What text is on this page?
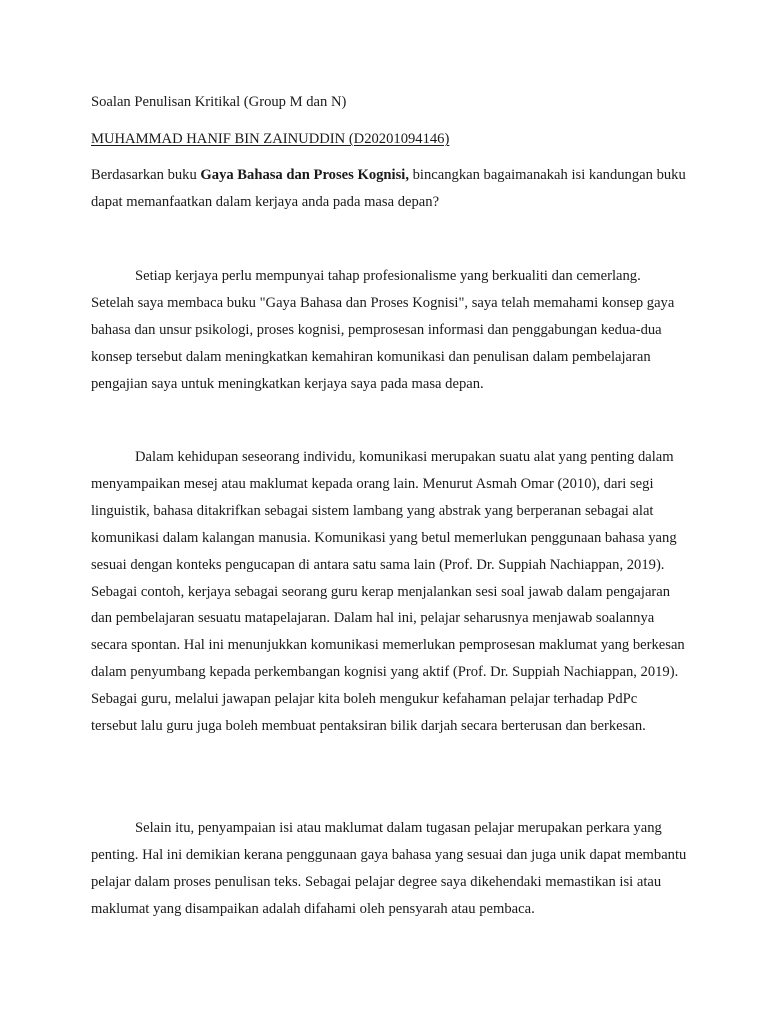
Soalan Penulisan Kritikal (Group M dan N)
MUHAMMAD HANIF BIN ZAINUDDIN (D20201094146)

Berdasarkan buku Gaya Bahasa dan Proses Kognisi, bincangkan bagaimanakah isi kandungan buku dapat memanfaatkan dalam kerjaya anda pada masa depan?

Setiap kerjaya perlu mempunyai tahap profesionalisme yang berkualiti dan cemerlang. Setelah saya membaca buku "Gaya Bahasa dan Proses Kognisi", saya telah memahami konsep gaya bahasa dan unsur psikologi, proses kognisi, pemprosesan informasi dan penggabungan kedua-dua konsep tersebut dalam meningkatkan kemahiran komunikasi dan penulisan dalam pembelajaran pengajian saya untuk meningkatkan kerjaya saya pada masa depan.

Dalam kehidupan seseorang individu, komunikasi merupakan suatu alat yang penting dalam menyampaikan mesej atau maklumat kepada orang lain. Menurut Asmah Omar (2010), dari segi linguistik, bahasa ditakrifkan sebagai sistem lambang yang abstrak yang berperanan sebagai alat komunikasi dalam kalangan manusia. Komunikasi yang betul memerlukan penggunaan bahasa yang sesuai dengan konteks pengucapan di antara satu sama lain (Prof. Dr. Suppiah Nachiappan, 2019). Sebagai contoh, kerjaya sebagai seorang guru kerap menjalankan sesi soal jawab dalam pengajaran dan pembelajaran sesuatu matapelajaran. Dalam hal ini, pelajar seharusnya menjawab soalannya secara spontan. Hal ini menunjukkan komunikasi memerlukan pemprosesan maklumat yang berkesan dalam penyumbang kepada perkembangan kognisi yang aktif (Prof. Dr. Suppiah Nachiappan, 2019). Sebagai guru, melalui jawapan pelajar kita boleh mengukur kefahaman pelajar terhadap PdPc tersebut lalu guru juga boleh membuat pentaksiran bilik darjah secara berterusan dan berkesan.

Selain itu, penyampaian isi atau maklumat dalam tugasan pelajar merupakan perkara yang penting. Hal ini demikian kerana penggunaan gaya bahasa yang sesuai dan juga unik dapat membantu pelajar dalam proses penulisan teks. Sebagai pelajar degree saya dikehendaki memastikan isi atau maklumat yang disampaikan adalah difahami oleh pensyarah atau pembaca.
